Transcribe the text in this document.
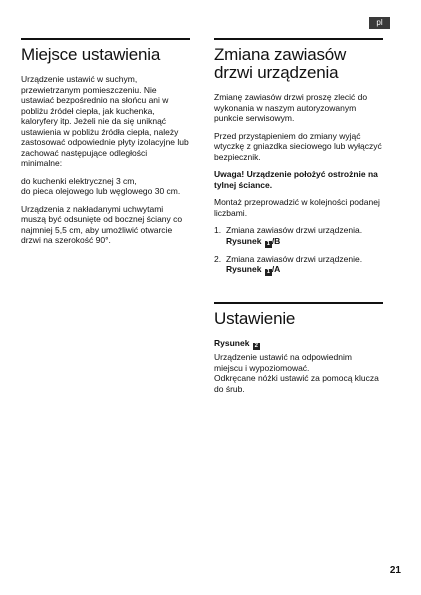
pl
Miejsce ustawienia

Urządzenie ustawić w suchym, przewietrzanym pomieszczeniu. Nie ustawiać bezpośrednio na słońcu ani w pobliżu źródeł ciepła, jak kuchenka, kaloryfery itp. Jeżeli nie da się uniknąć ustawienia w pobliżu źródła ciepła, należy zastosować odpowiednie płyty izolacyjne lub zachować następujące odległości minimalne:

do kuchenki elektrycznej 3 cm,

do pieca olejowego lub węglowego 30 cm.

Urządzenia z nakładanymi uchwytami muszą być odsunięte od bocznej ściany co najmniej 5,5 cm, aby umożliwić otwarcie drzwi na szerokość 90°.

Zmiana zawiasów drzwi urządzenia

Zmianę zawiasów drzwi proszę zlecić do wykonania w naszym autoryzowanym punkcie serwisowym.

Przed przystąpieniem do zmiany wyjąć wtyczkę z gniazdka sieciowego lub wyłączyć bezpiecznik.

Uwaga! Urządzenie położyć ostrożnie na tylnej ściance.

Montaż przeprowadzić w kolejności podanej liczbami.

1. Zmiana zawiasów drzwi urządzenia. Rysunek 1 /B
2. Zmiana zawiasów drzwi urządzenie. Rysunek 1 /A
Ustawienie

Rysunek 2

Urządzenie ustawić na odpowiednim miejscu i wypoziomować.

Odkręcane nóżki ustawić za pomocą klucza do śrub.

21
